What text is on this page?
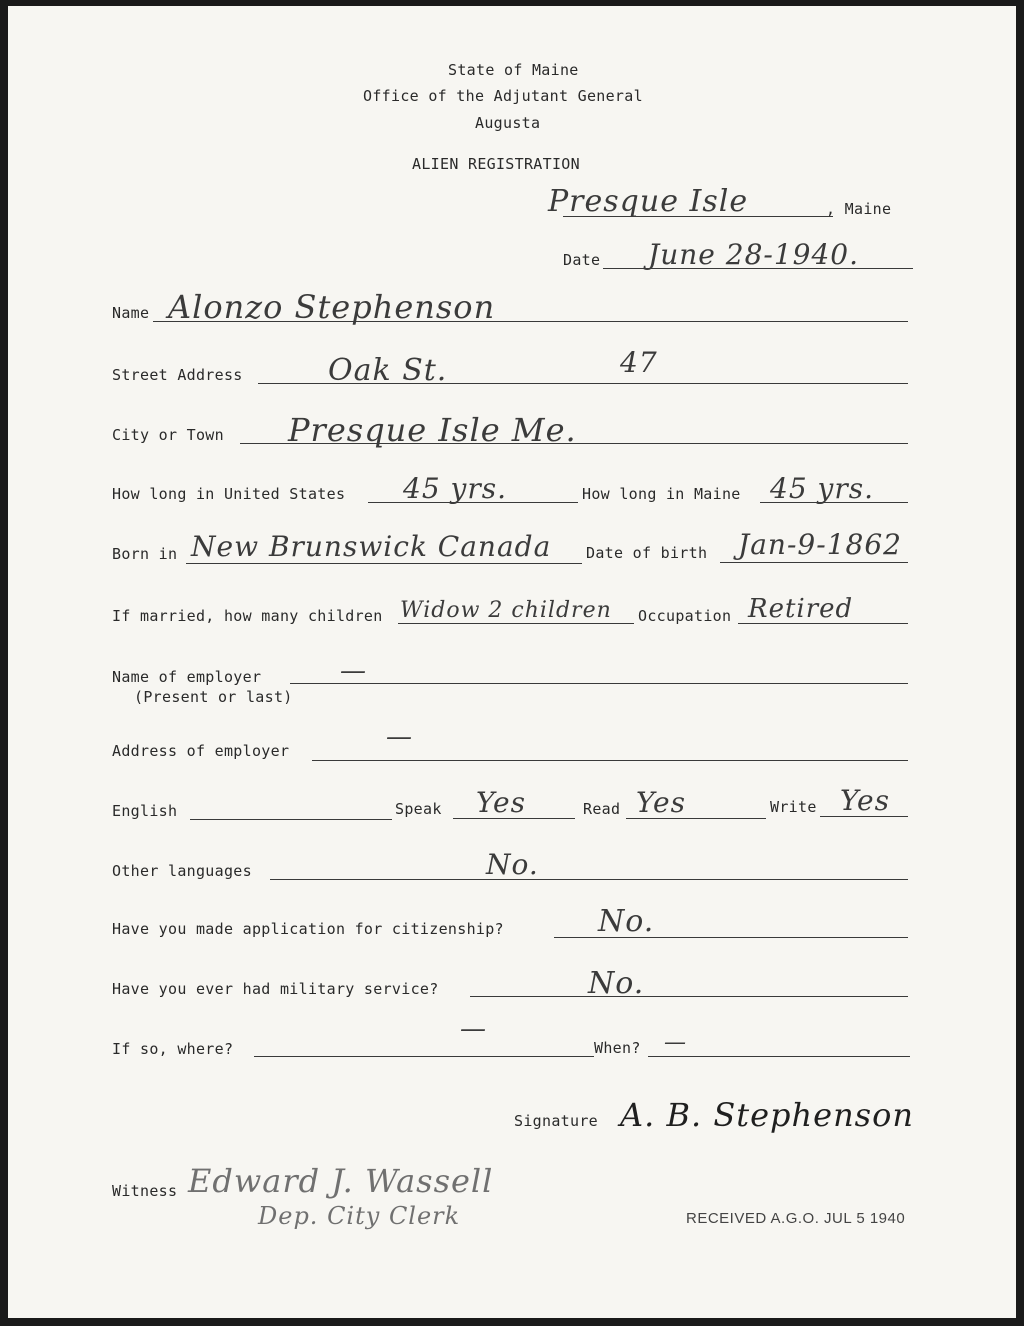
State of Maine
Office of the Adjutant General
Augusta
ALIEN REGISTRATION
Presque Isle	, Maine
Date June 28-1940.
Name Alonzo Stephenson
Street Address	Oak St.	47
City or Town Presque Isle Me.
How long in United States 45 yrs.	How long in Maine 45 yrs.
Born in New Brunswick Canada Date of birth Jan-9-1862
If married, how many children Widow 2 children Occupation Retired
Name of employer
(Present or last)
—
Address of employer	—
English	Speak Yes	Read Yes	Write Yes
Other languages	No.
Have you made application for citizenship?	No.
Have you ever had military service?	No.
If so, where?
—
When? —
Signature A. B. Stephenson
Witness Edward J. Wassell
Dep. City Clerk	RECEIVED A.G.O. JUL 5 1940
